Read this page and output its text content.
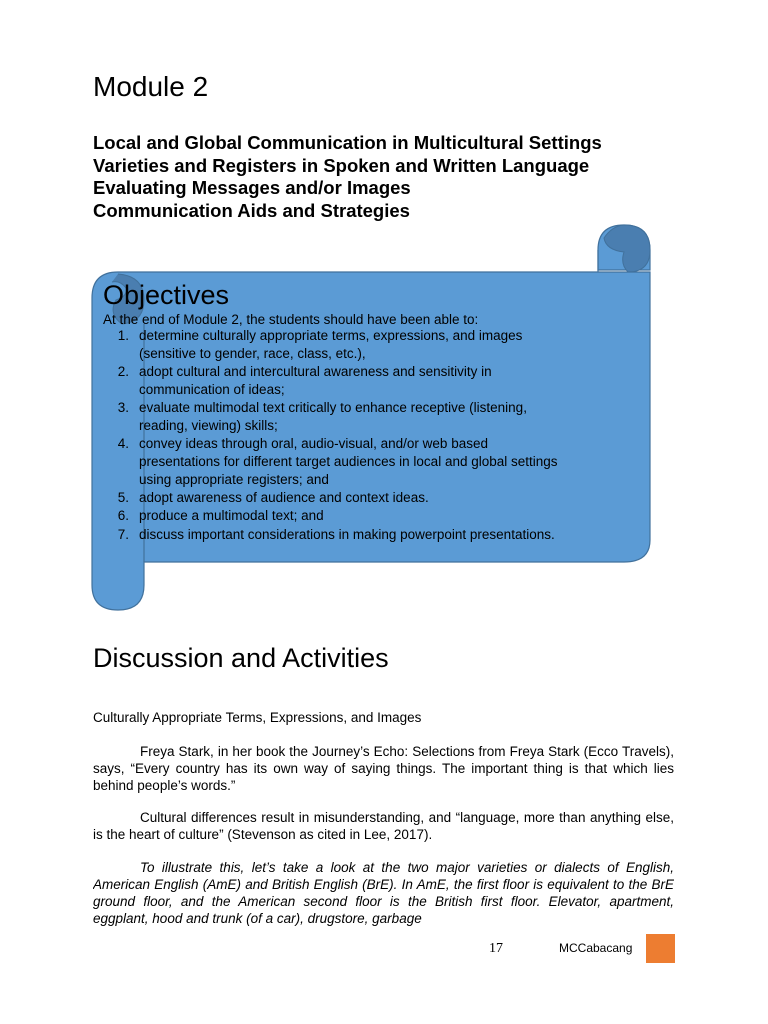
Module 2
Local and Global Communication in Multicultural Settings
Varieties and Registers in Spoken and Written Language
Evaluating Messages and/or Images
Communication Aids and Strategies
Objectives
At the end of Module 2, the students should have been able to:
1. determine culturally appropriate terms, expressions, and images (sensitive to gender, race, class, etc.),
2. adopt cultural and intercultural awareness and sensitivity in communication of ideas;
3. evaluate multimodal text critically to enhance receptive (listening, reading, viewing) skills;
4. convey ideas through oral, audio-visual, and/or web based presentations for different target audiences in local and global settings using appropriate registers; and
5. adopt awareness of audience and context ideas.
6. produce a multimodal text; and
7. discuss important considerations in making powerpoint presentations.
Discussion and Activities
Culturally Appropriate Terms, Expressions, and Images

Freya Stark, in her book the Journey’s Echo: Selections from Freya Stark (Ecco Travels), says, “Every country has its own way of saying things. The important thing is that which lies behind people’s words.”

Cultural differences result in misunderstanding, and “language, more than anything else, is the heart of culture” (Stevenson as cited in Lee, 2017).

To illustrate this, let’s take a look at the two major varieties or dialects of English, American English (AmE) and British English (BrE). In AmE, the first floor is equivalent to the BrE ground floor, and the American second floor is the British first floor. Elevator, apartment, eggplant, hood and trunk (of a car), drugstore, garbage

17	MCCabacang
